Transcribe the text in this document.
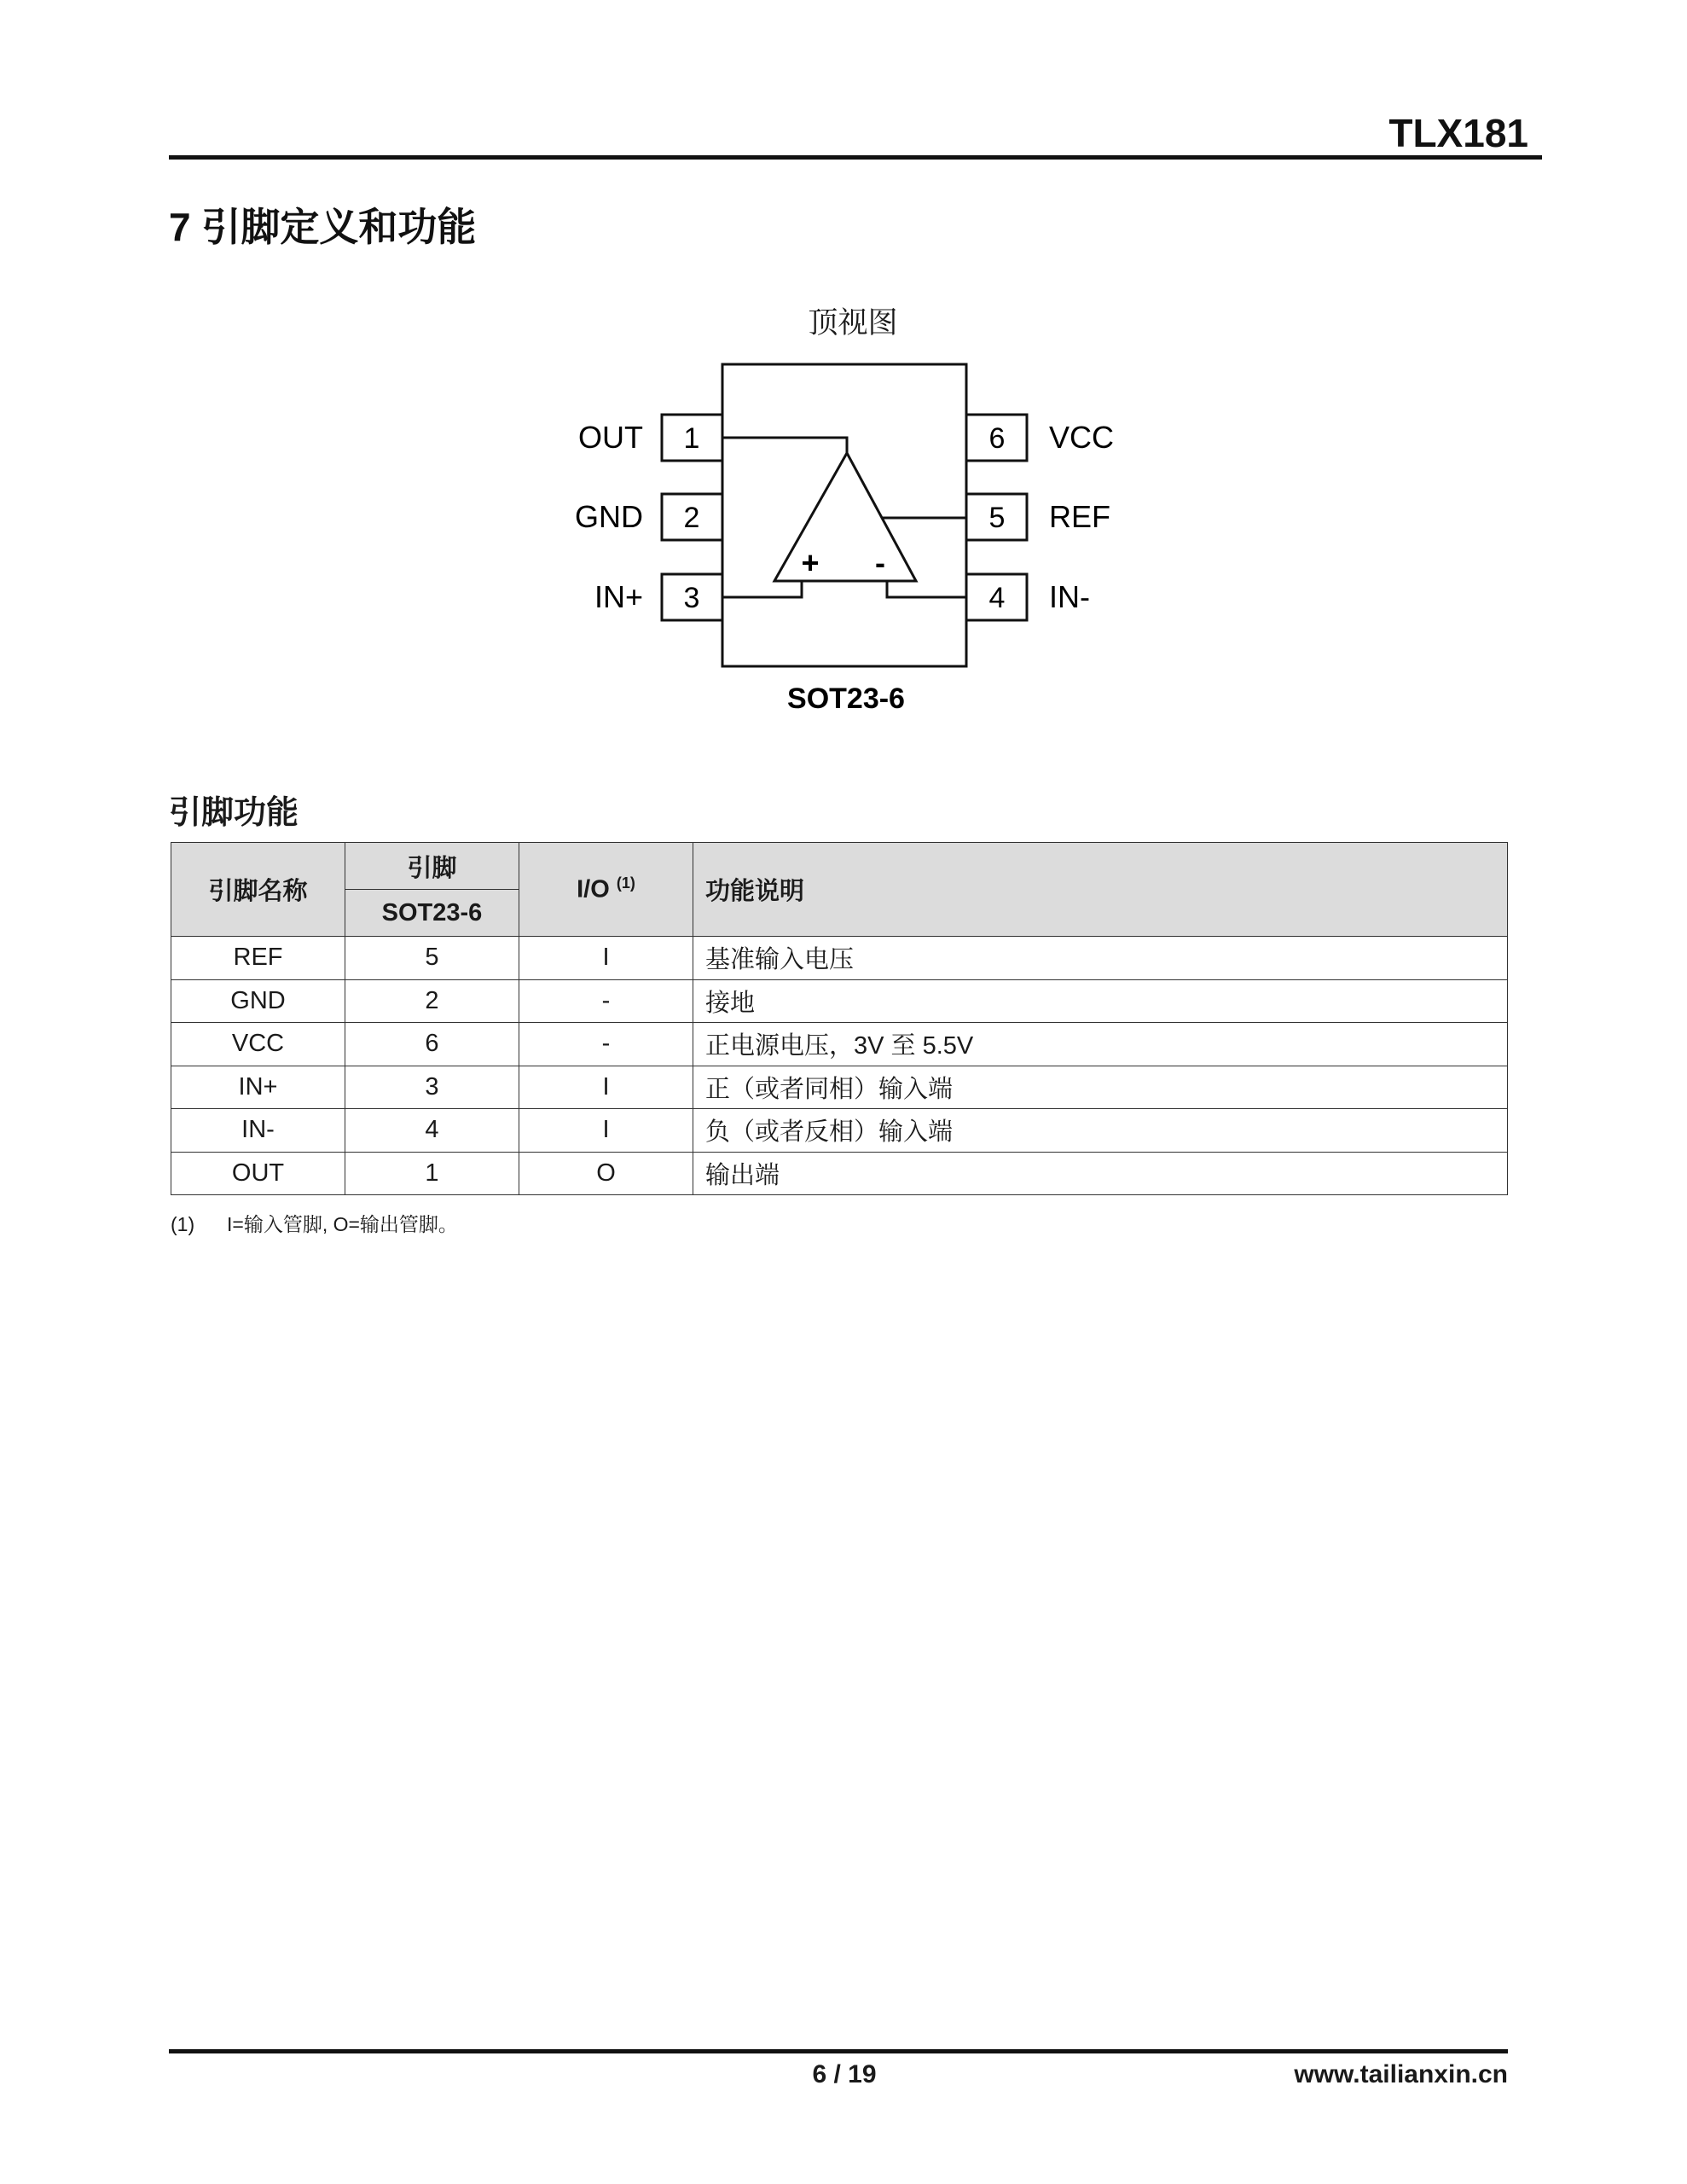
TLX181
7 引脚定义和功能
顶视图
1
2
3
OUT
GND
IN+
6
5
4
VCC
REF
IN-
+ -
SOT23-6
引脚功能
引脚名称	引脚	I/O $^{(1)}$	功能说明
	SOT23-6		
REF	5	I	基准输入电压
GND	2	-	接地
VCC	6	-	正电源电压，3V 至 5.5V
IN+	3	I	正（或者同相）输入端
IN-	4	I	负（或者反相）输入端
OUT	1	O	输出端
(1) I=输入管脚, O=输出管脚。
6 / 19	www.tailianxin.cn
